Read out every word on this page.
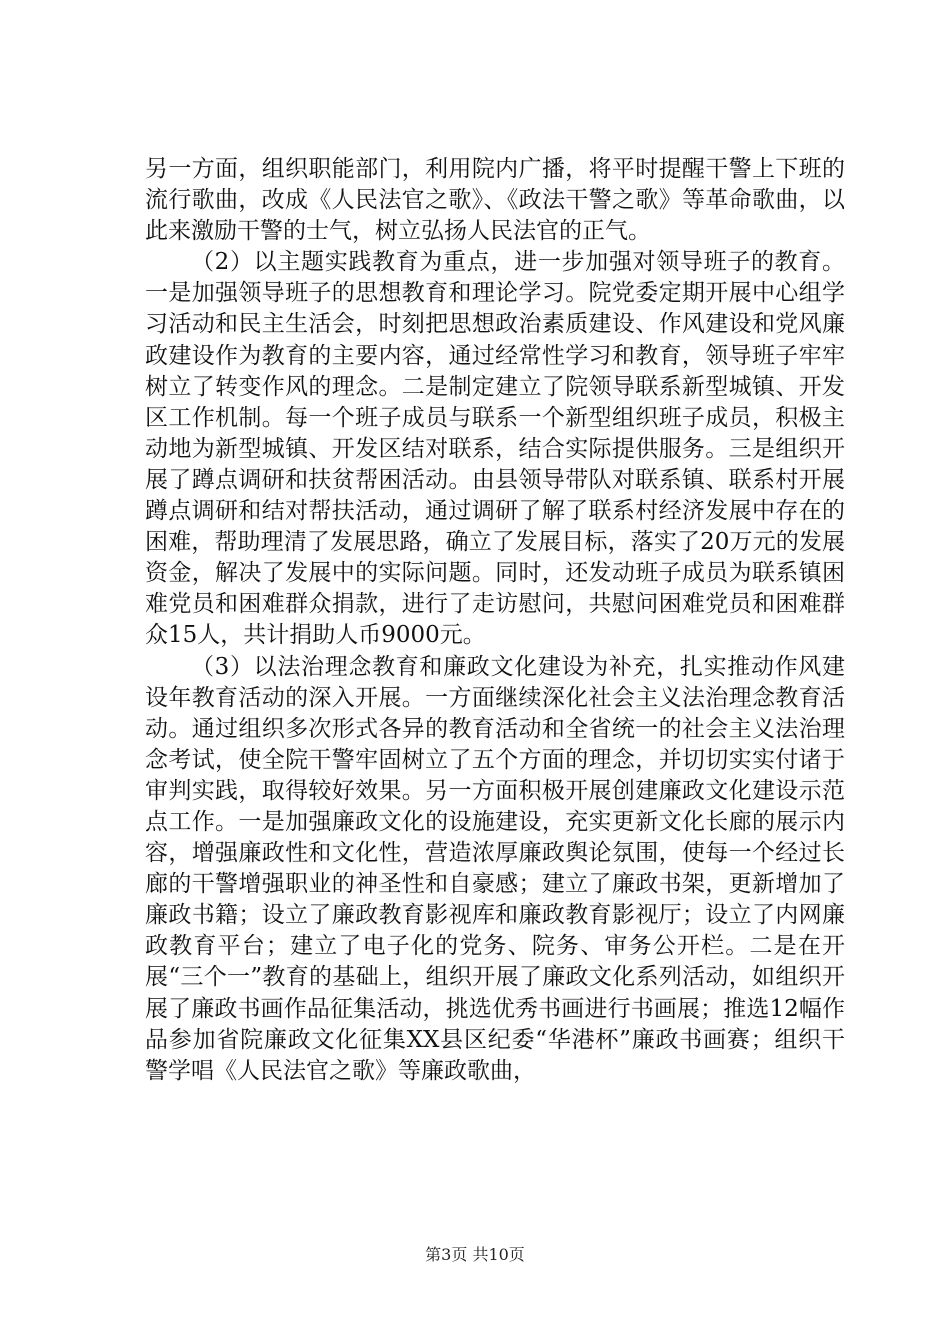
另一方面，组织职能部门，利用院内广播，将平时提醒干警上下班的流行歌曲，改成《人民法官之歌》、《政法干警之歌》等革命歌曲，以此来激励干警的士气，树立弘扬人民法官的正气。

（2）以主题实践教育为重点，进一步加强对领导班子的教育。一是加强领导班子的思想教育和理论学习。院党委定期开展中心组学习活动和民主生活会，时刻把思想政治素质建设、作风建设和党风廉政建设作为教育的主要内容，通过经常性学习和教育，领导班子牢牢树立了转变作风的理念。二是制定建立了院领导联系新型城镇、开发区工作机制。每一个班子成员与联系一个新型组织班子成员，积极主动地为新型城镇、开发区结对联系，结合实际提供服务。三是组织开展了蹲点调研和扶贫帮困活动。由县领导带队对联系镇、联系村开展蹲点调研和结对帮扶活动，通过调研了解了联系村经济发展中存在的困难，帮助理清了发展思路，确立了发展目标，落实了20万元的发展资金，解决了发展中的实际问题。同时，还发动班子成员为联系镇困难党员和困难群众捐款，进行了走访慰问，共慰问困难党员和困难群众15人，共计捐助人币9000元。

（3）以法治理念教育和廉政文化建设为补充，扎实推动作风建设年教育活动的深入开展。一方面继续深化社会主义法治理念教育活动。通过组织多次形式各异的教育活动和全省统一的社会主义法治理念考试，使全院干警牢固树立了五个方面的理念，并切切实实付诸于审判实践，取得较好效果。另一方面积极开展创建廉政文化建设示范点工作。一是加强廉政文化的设施建设，充实更新文化长廊的展示内容，增强廉政性和文化性，营造浓厚廉政舆论氛围，使每一个经过长廊的干警增强职业的神圣性和自豪感；建立了廉政书架，更新增加了廉政书籍；设立了廉政教育影视库和廉政教育影视厅；设立了内网廉政教育平台；建立了电子化的党务、院务、审务公开栏。二是在开展“三个一”教育的基础上，组织开展了廉政文化系列活动，如组织开展了廉政书画作品征集活动，挑选优秀书画进行书画展；推选12幅作品参加省院廉政文化征集XX县区纪委“华港杯”廉政书画赛；组织干警学唱《人民法官之歌》等廉政歌曲，

第3页 共10页
